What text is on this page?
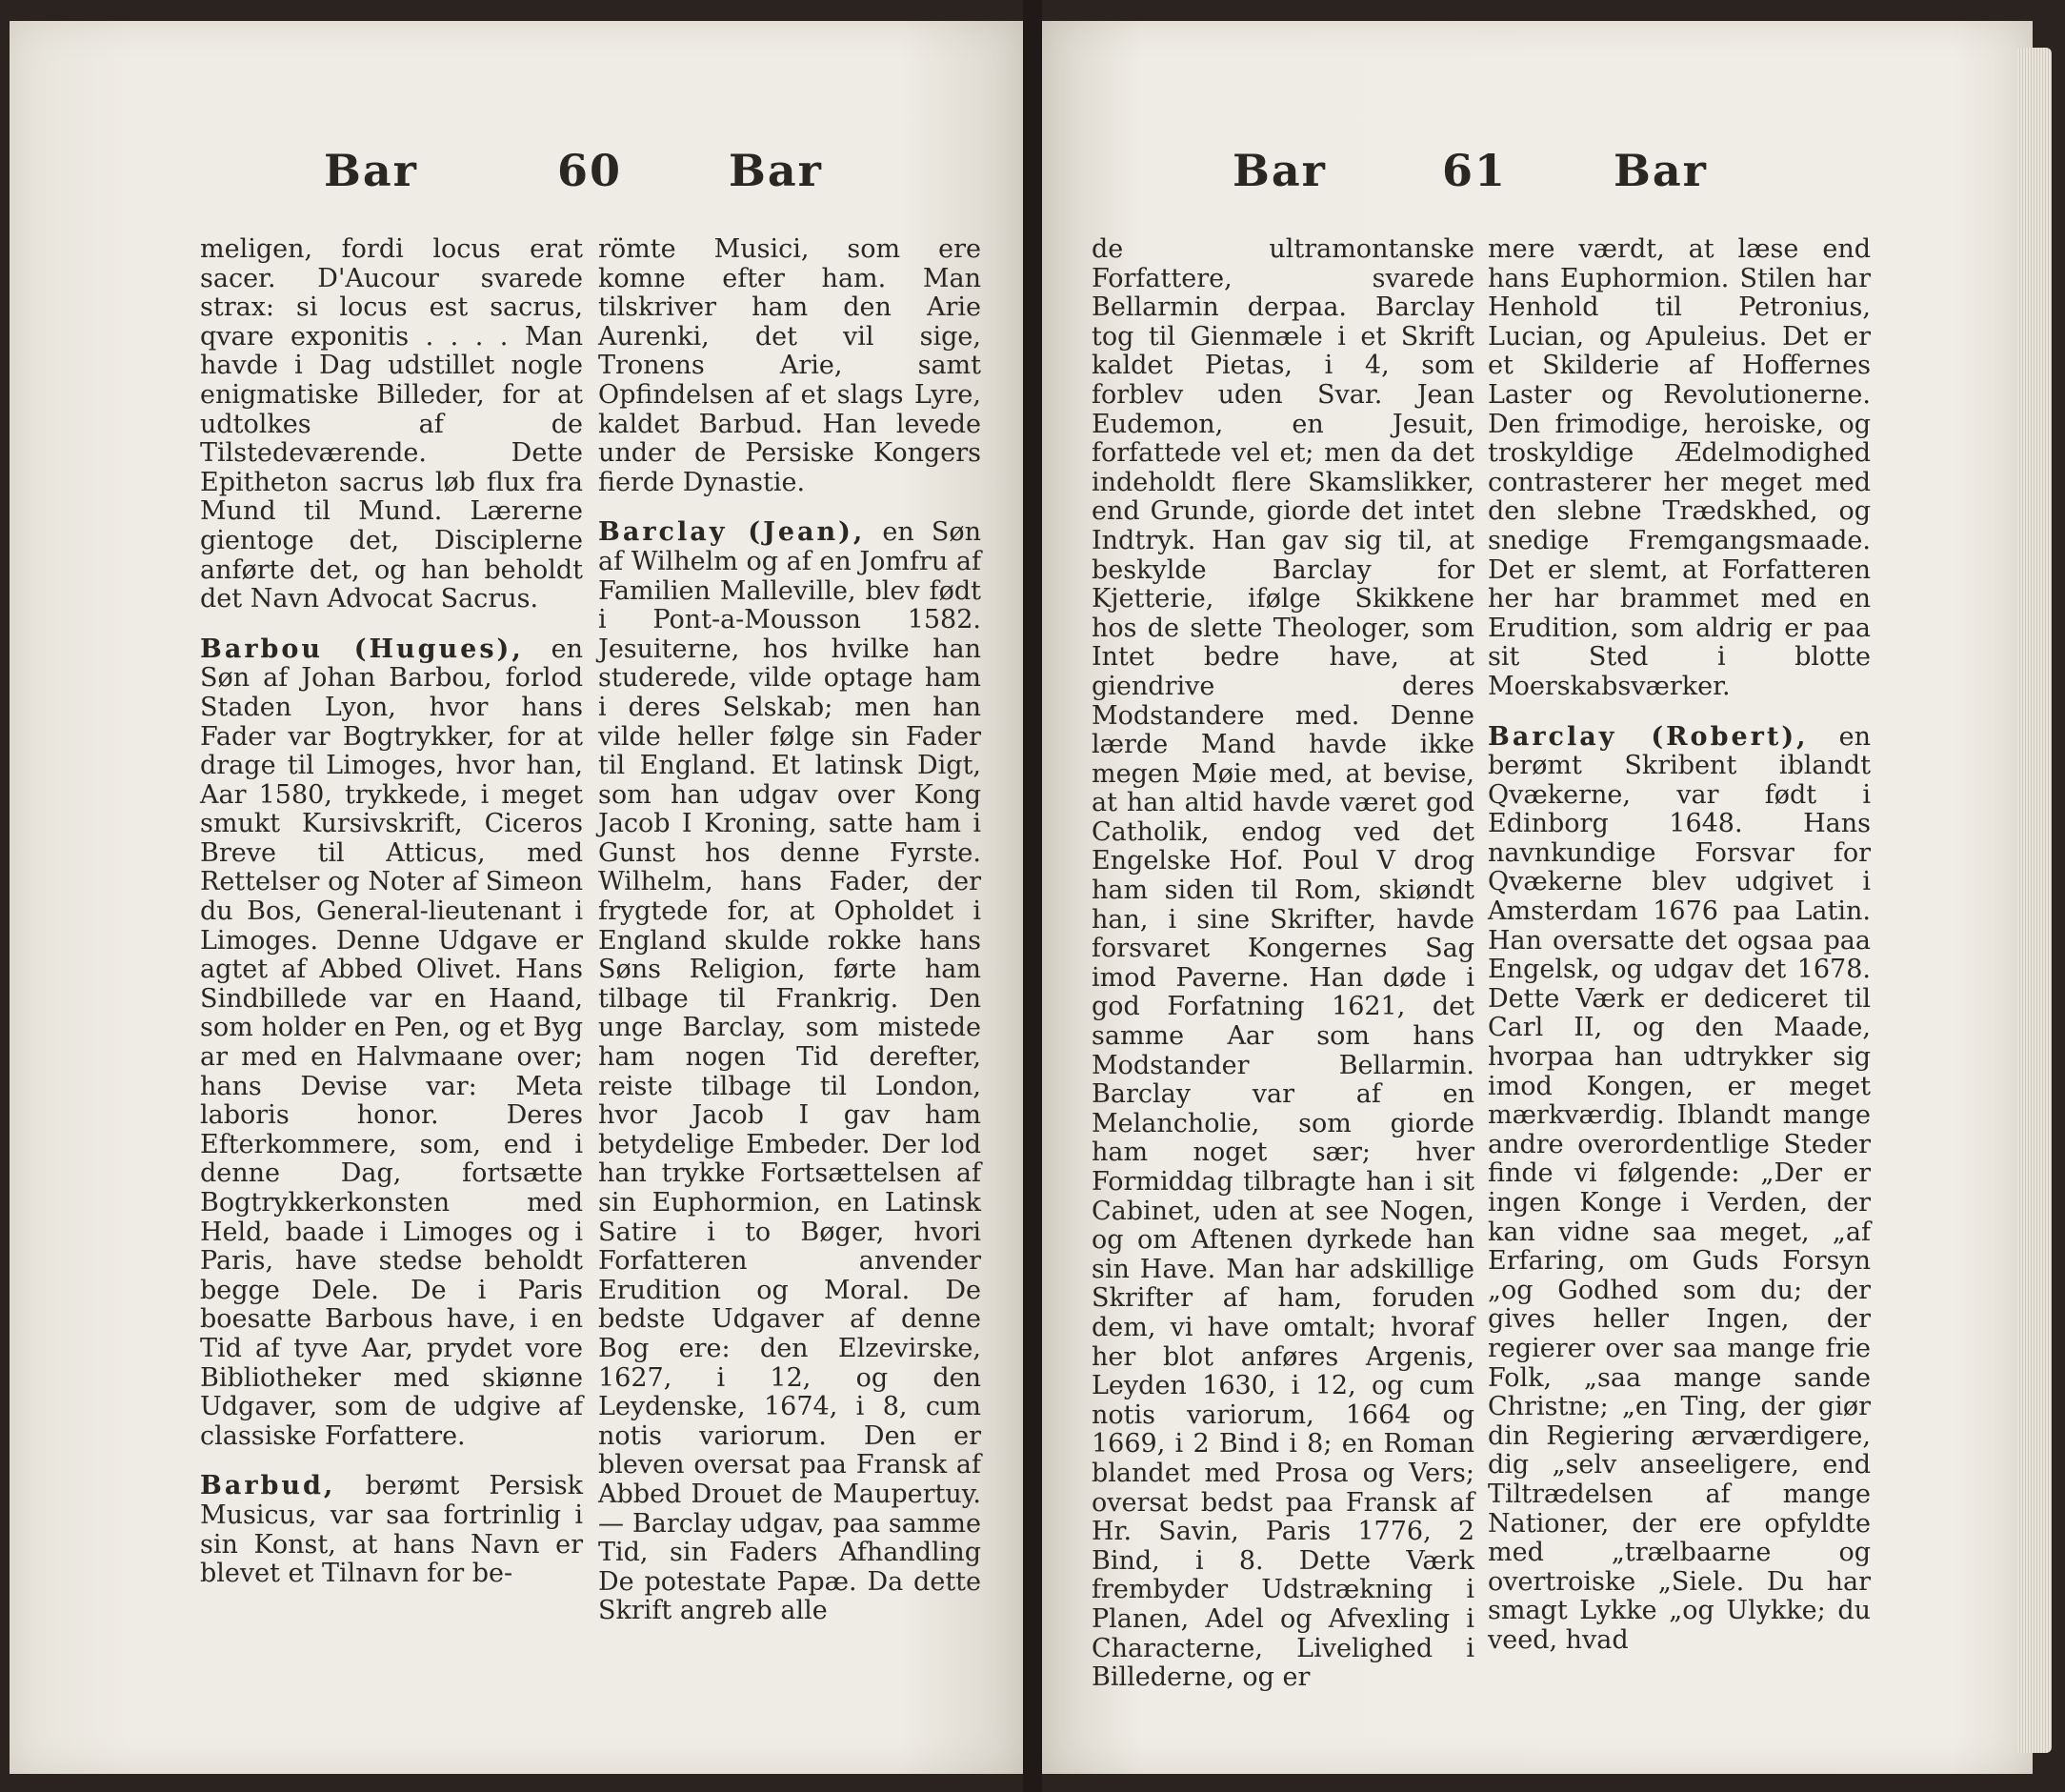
Bar	60 Bar

meligen, fordi locus erat sacer. D'Aucour svarede strax: si locus est sacrus, qvare exponitis . . . . Man havde i Dag udstillet nogle enigmatiske Billeder, for at udtolkes af de Tilstedeværende. Dette Epitheton sacrus løb flux fra Mund til Mund. Lærerne gientoge det, Disciplerne anførte det, og han beholdt det Navn Advocat Sacrus.

Barbou (Hugues), en Søn af Johan Barbou, forlod Staden Lyon, hvor hans Fader var Bogtrykker, for at drage til Limoges, hvor han, Aar 1580, trykkede, i meget smukt Kursivskrift, Ciceros Breve til Atticus, med Rettelser og Noter af Simeon du Bos, General-lieutenant i Limoges. Denne Udgave er agtet af Abbed Olivet. Hans Sindbillede var en Haand, som holder en Pen, og et Byg ar med en Halvmaane over; hans Devise var: Meta laboris honor. Deres Efterkommere, som, end i denne Dag, fortsætte Bogtrykkerkonsten med Held, baade i Limoges og i Paris, have stedse beholdt begge Dele. De i Paris boesatte Barbous have, i en Tid af tyve Aar, prydet vore Bibliotheker med skiønne Udgaver, som de udgive af classiske Forfattere.

Barbud, berømt Persisk Musicus, var saa fortrinlig i sin Konst, at hans Navn er blevet et Tilnavn for be-

römte Musici, som ere komne efter ham. Man tilskriver ham den Arie Aurenki, det vil sige, Tronens Arie, samt Opfindelsen af et slags Lyre, kaldet Barbud. Han levede under de Persiske Kongers fierde Dynastie.

Barclay (Jean), en Søn af Wilhelm og af en Jomfru af Familien Malleville, blev født i Pont-a-Mousson 1582. Jesuiterne, hos hvilke han studerede, vilde optage ham i deres Selskab; men han vilde heller følge sin Fader til England. Et latinsk Digt, som han udgav over Kong Jacob I Kroning, satte ham i Gunst hos denne Fyrste. Wilhelm, hans Fader, der frygtede for, at Opholdet i England skulde rokke hans Søns Religion, førte ham tilbage til Frankrig. Den unge Barclay, som mistede ham nogen Tid derefter, reiste tilbage til London, hvor Jacob I gav ham betydelige Embeder. Der lod han trykke Fortsættelsen af sin Euphormion, en Latinsk Satire i to Bøger, hvori Forfatteren anvender Erudition og Moral. De bedste Udgaver af denne Bog ere: den Elzevirske, 1627, i 12, og den Leydenske, 1674, i 8, cum notis variorum. Den er bleven oversat paa Fransk af Abbed Drouet de Maupertuy. — Barclay udgav, paa samme Tid, sin Faders Afhandling De potestate Papæ. Da dette Skrift angreb alle

Bar	61 Bar

de ultramontanske Forfattere, svarede Bellarmin derpaa. Barclay tog til Gienmæle i et Skrift kaldet Pietas, i 4, som forblev uden Svar. Jean Eudemon, en Jesuit, forfattede vel et; men da det indeholdt flere Skamslikker, end Grunde, giorde det intet Indtryk. Han gav sig til, at beskylde Barclay for Kjetterie, ifølge Skikkene hos de slette Theologer, som Intet bedre have, at giendrive deres Modstandere med. Denne lærde Mand havde ikke megen Møie med, at bevise, at han altid havde været god Catholik, endog ved det Engelske Hof. Poul V drog ham siden til Rom, skiøndt han, i sine Skrifter, havde forsvaret Kongernes Sag imod Paverne. Han døde i god Forfatning 1621, det samme Aar som hans Modstander Bellarmin. Barclay var af en Melancholie, som giorde ham noget sær; hver Formiddag tilbragte han i sit Cabinet, uden at see Nogen, og om Aftenen dyrkede han sin Have. Man har adskillige Skrifter af ham, foruden dem, vi have omtalt; hvoraf her blot anføres Argenis, Leyden 1630, i 12, og cum notis variorum, 1664 og 1669, i 2 Bind i 8; en Roman blandet med Prosa og Vers; oversat bedst paa Fransk af Hr. Savin, Paris 1776, 2 Bind, i 8. Dette Værk frembyder Udstrækning i Planen, Adel og Afvexling i Characterne, Livelighed i Billederne, og er

mere værdt, at læse end hans Euphormion. Stilen har Henhold til Petronius, Lucian, og Apuleius. Det er et Skilderie af Hoffernes Laster og Revolutionerne. Den frimodige, heroiske, og troskyldige Ædelmodighed contrasterer her meget med den slebne Trædskhed, og snedige Fremgangsmaade. Det er slemt, at Forfatteren her har brammet med en Erudition, som aldrig er paa sit Sted i blotte Moerskabsværker.

Barclay (Robert), en berømt Skribent iblandt Qvækerne, var født i Edinborg 1648. Hans navnkundige Forsvar for Qvækerne blev udgivet i Amsterdam 1676 paa Latin. Han oversatte det ogsaa paa Engelsk, og udgav det 1678. Dette Værk er dediceret til Carl II, og den Maade, hvorpaa han udtrykker sig imod Kongen, er meget mærkværdig. Iblandt mange andre overordentlige Steder finde vi følgende: „Der er ingen Konge i Verden, der kan vidne saa meget, „af Erfaring, om Guds Forsyn „og Godhed som du; der gives heller Ingen, der regierer over saa mange frie Folk, „saa mange sande Christne; „en Ting, der giør din Regiering ærværdigere, dig „selv anseeligere, end Tiltrædelsen af mange Nationer, der ere opfyldte med „trælbaarne og overtroiske „Siele. Du har smagt Lykke „og Ulykke; du veed, hvad
